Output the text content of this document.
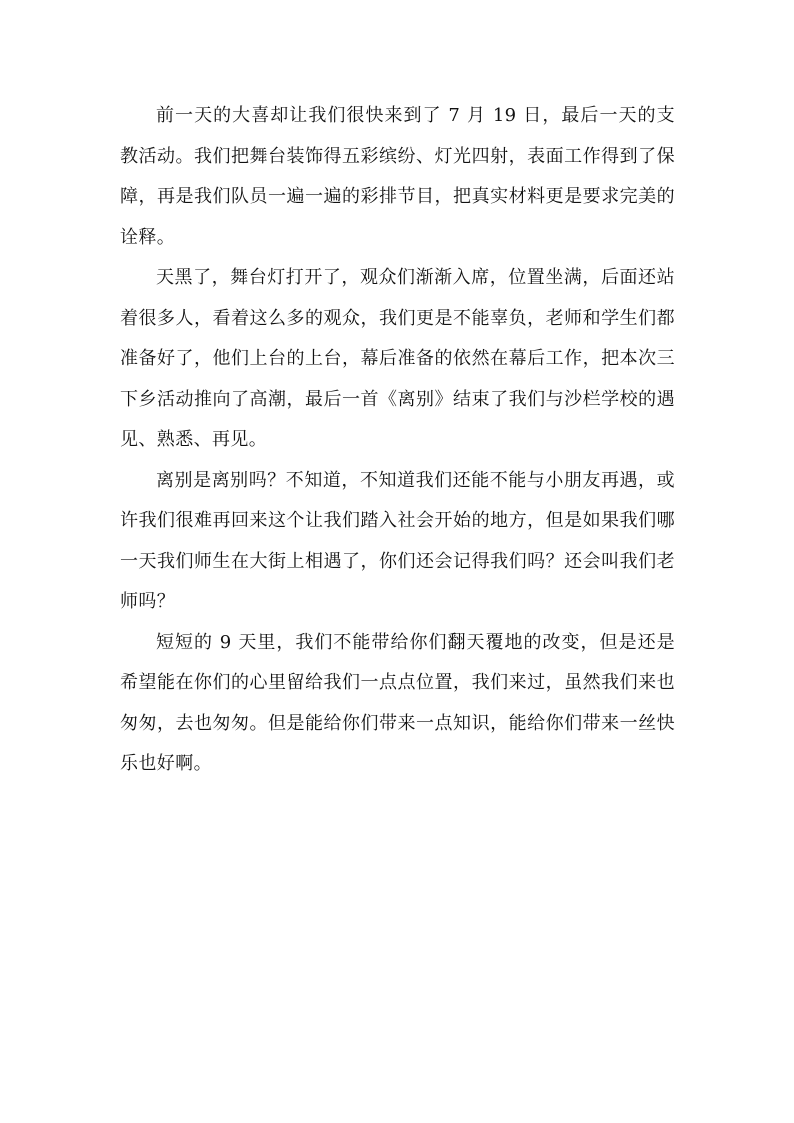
前一天的大喜却让我们很快来到了 7 月 19 日，最后一天的支教活动。我们把舞台装饰得五彩缤纷、灯光四射，表面工作得到了保障，再是我们队员一遍一遍的彩排节目，把真实材料更是要求完美的诠释。

天黑了，舞台灯打开了，观众们渐渐入席，位置坐满，后面还站着很多人，看着这么多的观众，我们更是不能辜负，老师和学生们都准备好了，他们上台的上台，幕后准备的依然在幕后工作，把本次三下乡活动推向了高潮，最后一首《离别》结束了我们与沙栏学校的遇见、熟悉、再见。

离别是离别吗？不知道，不知道我们还能不能与小朋友再遇，或许我们很难再回来这个让我们踏入社会开始的地方，但是如果我们哪一天我们师生在大街上相遇了，你们还会记得我们吗？还会叫我们老师吗？

短短的 9 天里，我们不能带给你们翻天覆地的改变，但是还是希望能在你们的心里留给我们一点点位置，我们来过，虽然我们来也匆匆，去也匆匆。但是能给你们带来一点知识，能给你们带来一丝快乐也好啊。
